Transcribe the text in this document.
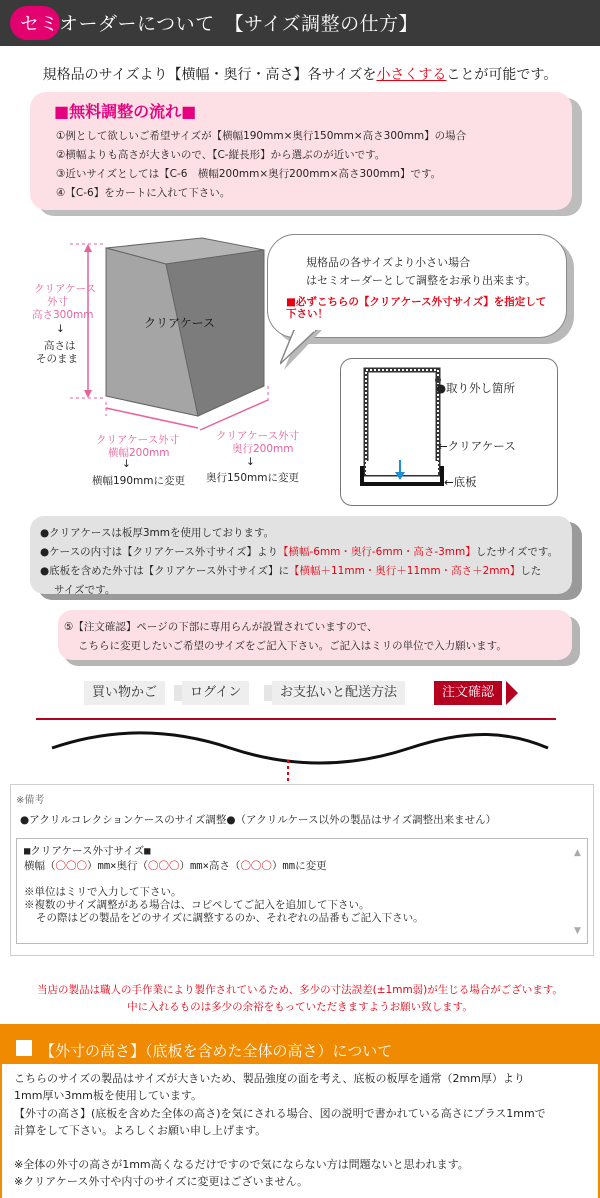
セミオーダーについて　【サイズ調整の仕方】
規格品のサイズより【横幅・奥行・高さ】各サイズを小さくすることが可能です。
■無料調整の流れ■
①例として欲しいご希望サイズが【横幅190mm×奥行150mm×高さ300mm】の場合
②横幅よりも高さが大きいので、【C-縦長形】から選ぶのが近いです。
③近いサイズとしては【C-6　横幅200mm×奥行200mm×高さ300mm】です。
④【C-6】をカートに入れて下さい。
クリアケース
クリアケース
外寸
高さ300mm
↓
高さは
そのまま
クリアケース外寸
横幅200mm
↓
横幅190mmに変更
クリアケース外寸
奥行200mm
↓
奥行150mmに変更
規格品の各サイズより小さい場合
はセミオーダーとして調整をお承り出来ます。
■必ずこちらの【クリアケース外寸サイズ】を指定して下さい！
●取り外し箇所
←クリアケース
←底板
●クリアケースは板厚3mmを使用しております。
●ケースの内寸は【クリアケース外寸サイズ】より【横幅-6mm・奥行-6mm・高さ-3mm】したサイズです。
●底板を含めた外寸は【クリアケース外寸サイズ】に【横幅＋11mm・奥行＋11mm・高さ＋2mm】した
サイズです。
⑤【注文確認】ページの下部に専用らんが設置されていますので、
こちらに変更したいご希望のサイズをご記入下さい。ご記入はミリの単位で入力願います。
買い物かご	ログイン	お支払いと配送方法	注文確認
※備考
●アクリルコレクションケースのサイズ調整●（アクリルケース以外の製品はサイズ調整出来ません）
■クリアケース外寸サイズ■
横幅（〇〇〇）mm×奥行（〇〇〇）mm×高さ（〇〇〇）mmに変更
※単位はミリで入力して下さい。
※複数のサイズ調整がある場合は、コピペしてご記入を追加して下さい。
その際はどの製品をどのサイズに調整するのか、それぞれの品番もご記入下さい。
▲
▼
当店の製品は職人の手作業により製作されているため、多少の寸法誤差(±1mm弱)が生じる場合がございます。
中に入れるものは多少の余裕をもっていただきますようお願い致します。
【外寸の高さ】（底板を含めた全体の高さ）について
こちらのサイズの製品はサイズが大きいため、製品強度の面を考え、底板の板厚を通常（2mm厚）より
1mm厚い3mm板を使用しています。
【外寸の高さ】(底板を含めた全体の高さ)を気にされる場合、図の説明で書かれている高さにプラス1mmで
計算をして下さい。よろしくお願い申し上げます。
※全体の外寸の高さが1mm高くなるだけですので気にならない方は問題ないと思われます。
※クリアケース外寸や内寸のサイズに変更はございません。
